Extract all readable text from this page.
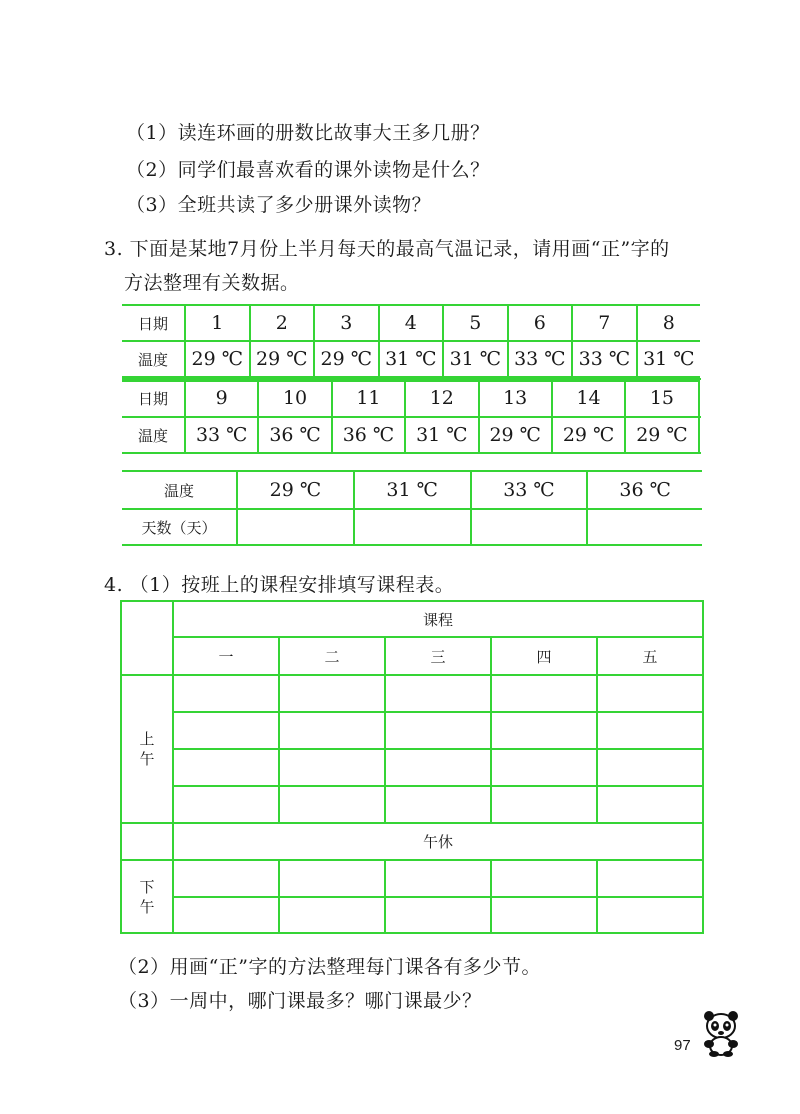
（1）读连环画的册数比故事大王多几册？
（2）同学们最喜欢看的课外读物是什么？
（3）全班共读了多少册课外读物？
3. 下面是某地7月份上半月每天的最高气温记录，请用画“正”字的
方法整理有关数据。
日期	1	2	3	4	5	6	7	8
温度	29 ℃	29 ℃	29 ℃	31 ℃	31 ℃	33 ℃	33 ℃	31 ℃
日期	9	10	11	12	13	14	15	
温度	33 ℃	36 ℃	36 ℃	31 ℃	29 ℃	29 ℃	29 ℃	
温度	29 ℃	31 ℃	33 ℃	36 ℃
天数（天）				
4. （1）按班上的课程安排填写课程表。
	课程				
	一	二	三	四	五
上午					

	午休				
下午					

（2）用画“正”字的方法整理每门课各有多少节。
（3）一周中，哪门课最多？哪门课最少？
97
